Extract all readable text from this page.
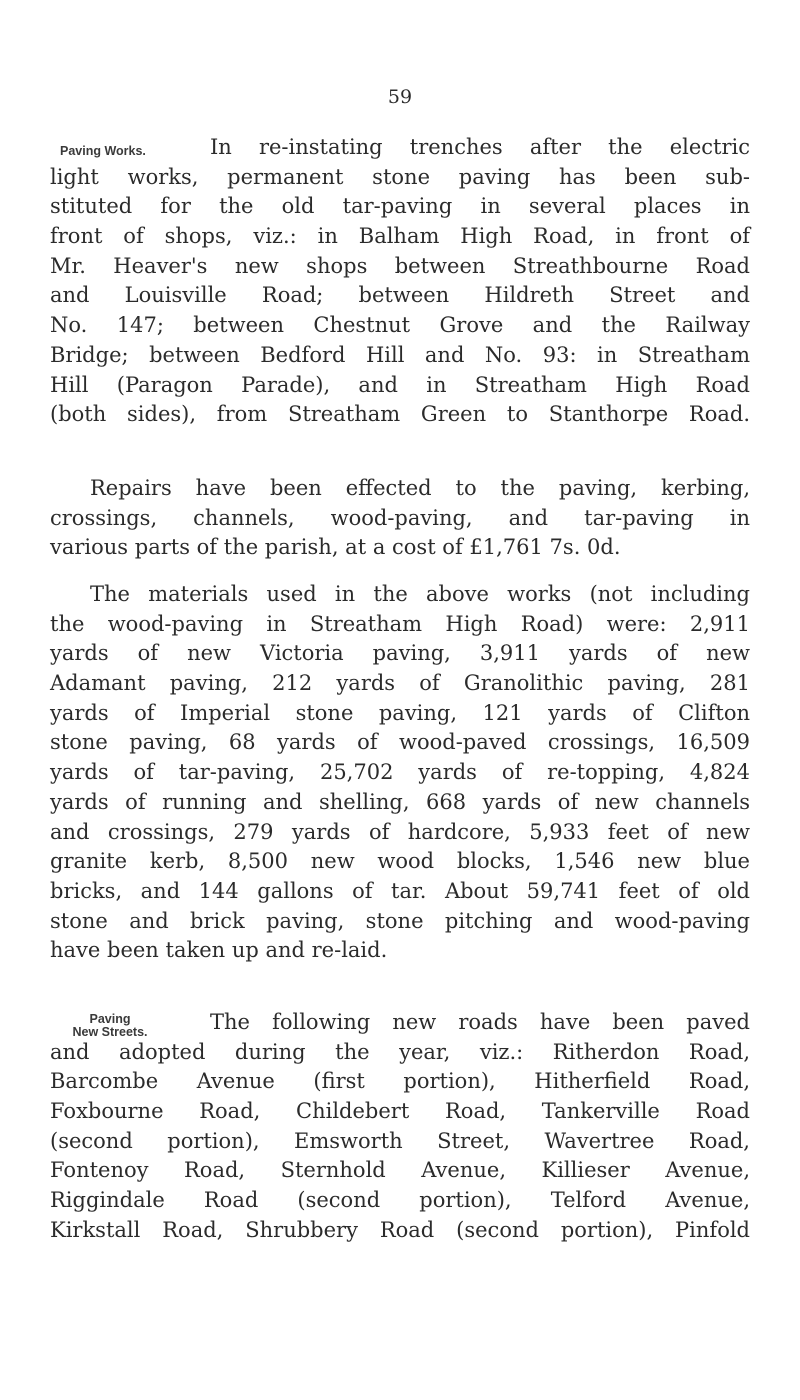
59
Paving Works.	In re-instating trenches after the electric
light works, permanent stone paving has been sub-
stituted for the old tar-paving in several places in
front of shops, viz.: in Balham High Road, in front of
Mr. Heaver's new shops between Streathbourne Road
and Louisville Road; between Hildreth Street and
No. 147; between Chestnut Grove and the Railway
Bridge; between Bedford Hill and No. 93: in Streatham
Hill (Paragon Parade), and in Streatham High Road
(both sides), from Streatham Green to Stanthorpe Road.
Repairs have been effected to the paving, kerbing,
crossings, channels, wood-paving, and tar-paving in
various parts of the parish, at a cost of £1,761 7s. 0d.
The materials used in the above works (not including
the wood-paving in Streatham High Road) were: 2,911
yards of new Victoria paving, 3,911 yards of new
Adamant paving, 212 yards of Granolithic paving, 281
yards of Imperial stone paving, 121 yards of Clifton
stone paving, 68 yards of wood-paved crossings, 16,509
yards of tar-paving, 25,702 yards of re-topping, 4,824
yards of running and shelling, 668 yards of new channels
and crossings, 279 yards of hardcore, 5,933 feet of new
granite kerb, 8,500 new wood blocks, 1,546 new blue
bricks, and 144 gallons of tar. About 59,741 feet of old
stone and brick paving, stone pitching and wood-paving
have been taken up and re-laid.
Paving
New Streets.	The following new roads have been paved
and adopted during the year, viz.: Ritherdon Road,
Barcombe Avenue (first portion), Hitherfield Road,
Foxbourne Road, Childebert Road, Tankerville Road
(second portion), Emsworth Street, Wavertree Road,
Fontenoy Road, Sternhold Avenue, Killieser Avenue,
Riggindale Road (second portion), Telford Avenue,
Kirkstall Road, Shrubbery Road (second portion), Pinfold
